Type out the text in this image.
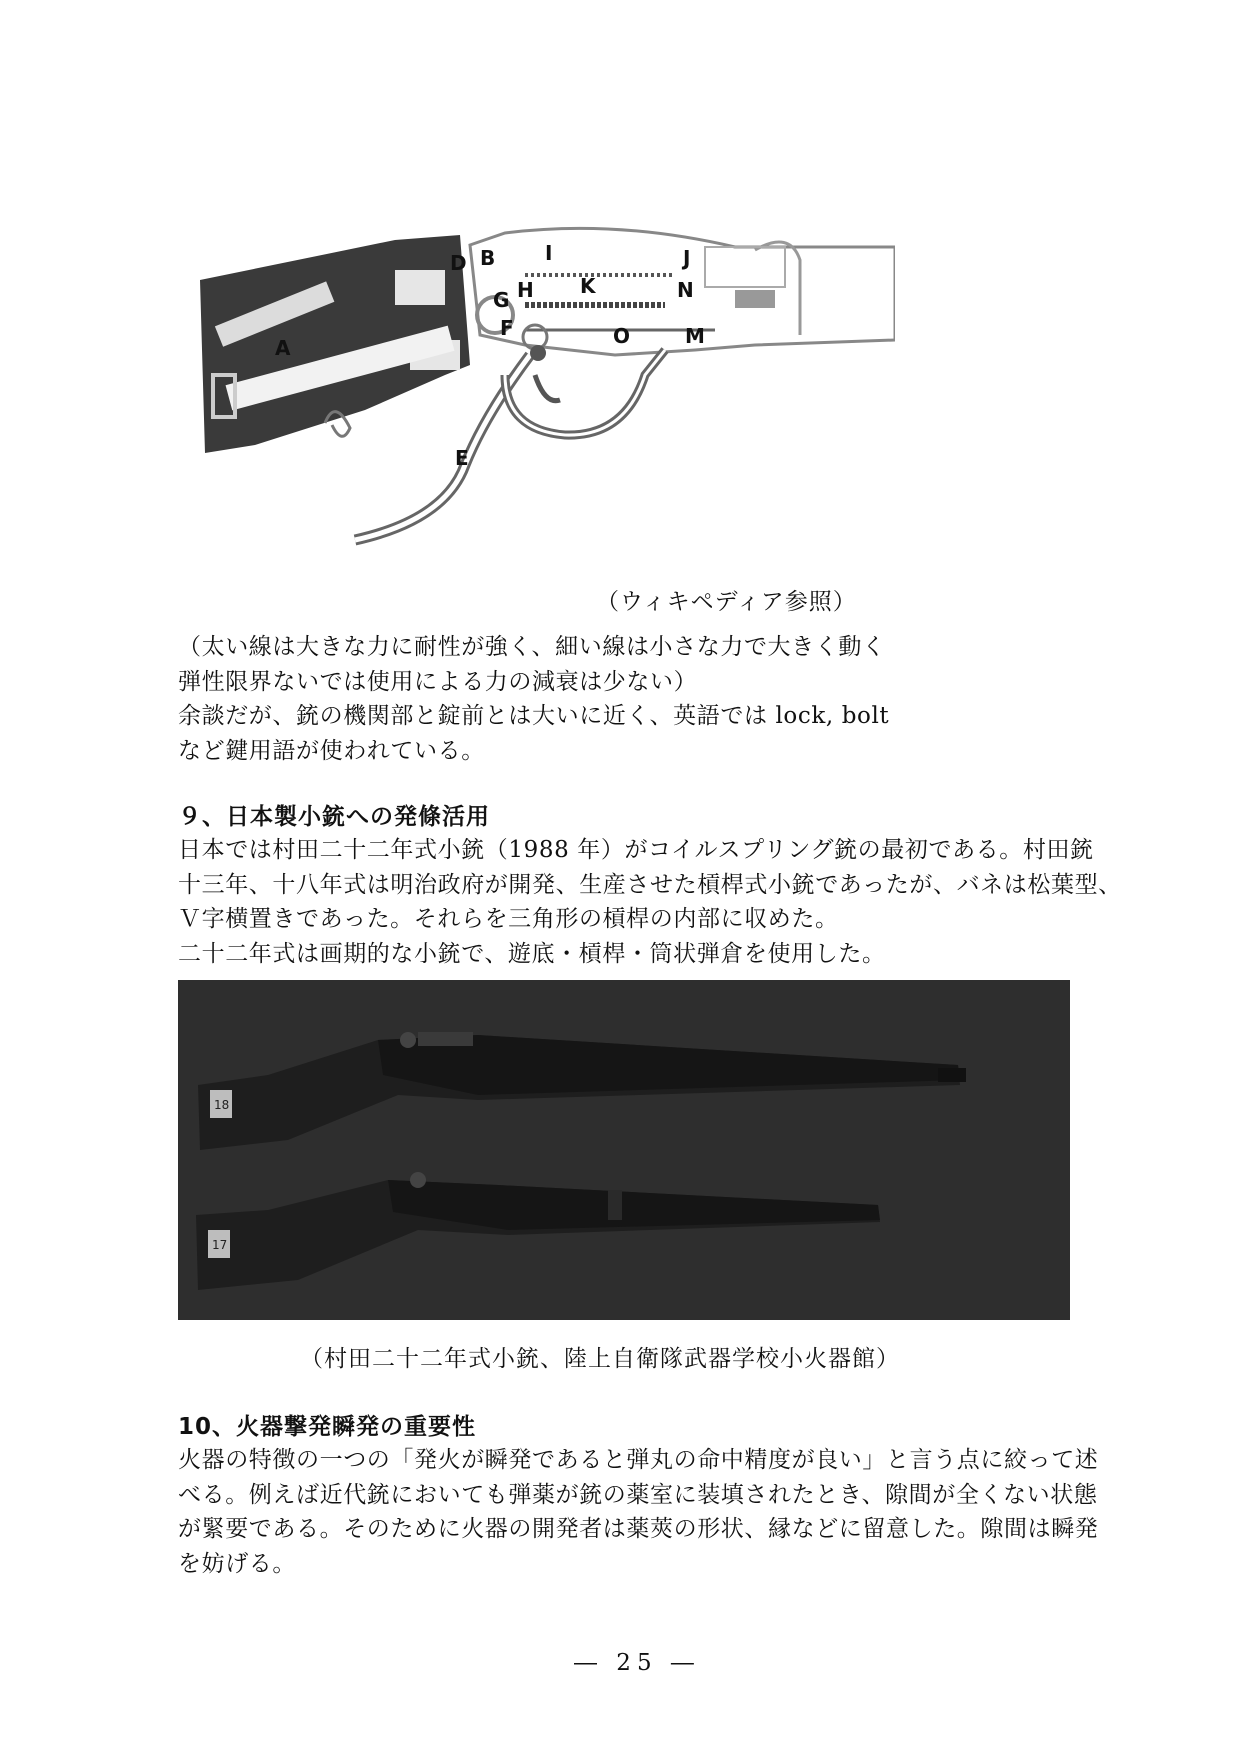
A
B
D
E
F
G H
I	J
K	N
O	M
（ウィキペディア参照）
（太い線は大きな力に耐性が強く、細い線は小さな力で大きく動く
弾性限界ないでは使用による力の減衰は少ない）
余談だが、銃の機関部と錠前とは大いに近く、英語では lock, bolt
など鍵用語が使われている。
９、日本製小銃への発條活用
日本では村田二十二年式小銃（1988 年）がコイルスプリング銃の最初である。村田銃
十三年、十八年式は明治政府が開発、生産させた槓桿式小銃であったが、バネは松葉型、
Ｖ字横置きであった。それらを三角形の槓桿の内部に収めた。
二十二年式は画期的な小銃で、遊底・槓桿・筒状弾倉を使用した。
18
17
（村田二十二年式小銃、陸上自衛隊武器学校小火器館）
10、火器撃発瞬発の重要性
火器の特徴の一つの「発火が瞬発であると弾丸の命中精度が良い」と言う点に絞って述
べる。例えば近代銃においても弾薬が銃の薬室に装填されたとき、隙間が全くない状態
が緊要である。そのために火器の開発者は薬莢の形状、縁などに留意した。隙間は瞬発
を妨げる。
― 25 ―
